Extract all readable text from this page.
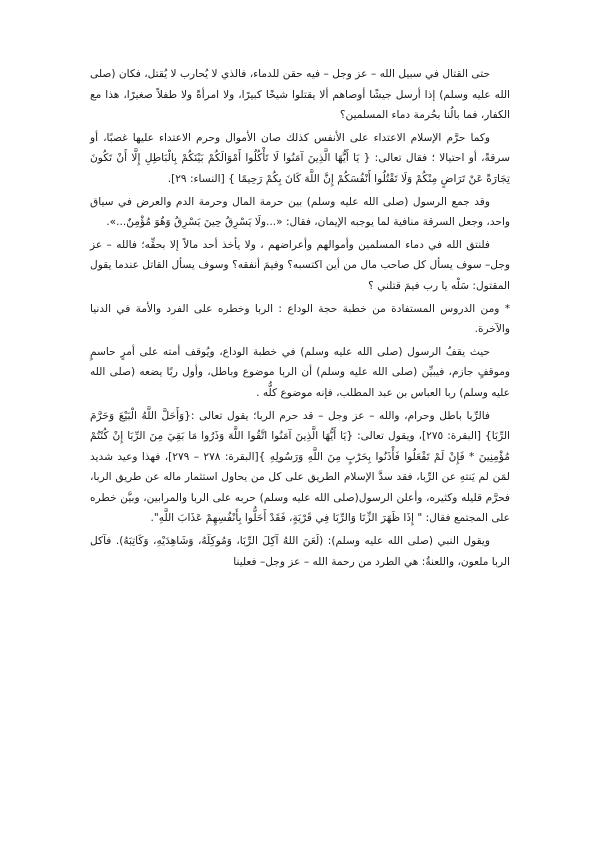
حتى القتال في سبيل الله – عز وجل – فيه حقن للدماء، فالذي لا يُحارب لا يُقتل، فكان (صلى الله عليه وسلم) إذا أرسل جيشًا أوصاهم ألا يقتلوا شيخًا كبيرًا، ولا امرأةً ولا طفلاً صغيرًا، هذا مع الكفار، فما بالُنا بحُرمة دماء المسلمين؟

وكما حرَّم الإسلام الاعتداء على الأنفس كذلك صان الأموال وحرم الاعتداء عليها غصبًا، أو سرقةً، أو احتيالا ؛ فقال تعالى: { يَا أَيُّهَا الَّذِينَ آمَنُوا لَا تَأْكُلُوا أَمْوَالَكُمْ بَيْنَكُمْ بِالْبَاطِلِ إِلَّا أَنْ تَكُونَ تِجَارَةً عَنْ تَرَاضٍ مِنْكُمْ وَلَا تَقْتُلُوا أَنْفُسَكُمْ إِنَّ اللَّهَ كَانَ بِكُمْ رَحِيمًا } [النساء: ٢٩].

وقد جمع الرسول (صلى الله عليه وسلم) بين حرمة المال وحرمة الدم والعرض في سياق واحد، وجعل السرقة منافية لما يوجبه الإيمان، فقال: «...ولَا يَسْرِقُ حِينَ يَسْرِقُ وَهُوَ مُؤْمِنٌ...».

فلنتق الله في دماء المسلمين وأموالهم وأعراضهم ، ولا يأخذ أحد مالاً إلا بحقِّه؛ فالله – عز وجل– سوف يسأل كل صاحب مال من أين اكتسبه؟ وفيمَ أنفقه؟ وسوف يسأل القاتل عندما يقول المقتول: سَلْه يا رب فيمَ قتلني ؟

* ومن الدروس المستفادة من خطبة حجة الوداع : الربا وخطره على الفرد والأمة في الدنيا والآخرة.

حيث يقفُ الرسول (صلى الله عليه وسلم) في خطبة الوداع، ويُوقف أمته على أمرٍ حاسمٍ وموقفٍ جازم، فيبيِّن (صلى الله عليه وسلم) أن الربا موضوع وباطل، وأول ربًا يضعه (صلى الله عليه وسلم) ربا العباس بن عبد المطلب، فإنه موضوع كلُّه .

فالرِّبا باطل وحرام، والله – عز وجل – قد حرم الربا؛ يقول تعالى :{وَأَحَلَّ اللَّهُ الْبَيْعَ وَحَرَّمَ الرِّبَا} [البقرة: ٢٧٥]، ويقول تعالى: {يَا أَيُّهَا الَّذِينَ آمَنُوا اتَّقُوا اللَّهَ وَذَرُوا مَا بَقِيَ مِنَ الرِّبَا إِنْ كُنْتُمْ مُؤْمِنِينَ * فَإِنْ لَمْ تَفْعَلُوا فَأْذَنُوا بِحَرْبٍ مِنَ اللَّهِ وَرَسُولِهِ }[البقرة: ٢٧٨ – ٢٧٩]، فهذا وعيد شديد لمَن لم يَنتهِ عن الرِّبا، فقد سدَّ الإسلام الطريق على كل من يحاول استثمار ماله عن طريق الربا، فحرَّم قليله وكثيره، وأعلن الرسول(صلى الله عليه وسلم) حربه على الربا والمرابين، وبيَّن خطره على المجتمع فقال: " إِذَا ظَهَرَ الزِّنَا وَالرِّبَا فِي قَرْيَةٍ، فَقَدْ أَحَلُّوا بِأَنْفُسِهِمْ عَذَابَ اللَّهِ".

ويقول النبي (صلى الله عليه وسلم): (لَعَنَ اللهُ آكِلَ الرِّبَا، وَمُوكِلَهُ، وَشَاهِدَيْهِ، وَكَاتِبَهُ). فآكل الربا ملعون، واللعنةُ: هي الطرد من رحمة الله – عز وجل– فعلينا
